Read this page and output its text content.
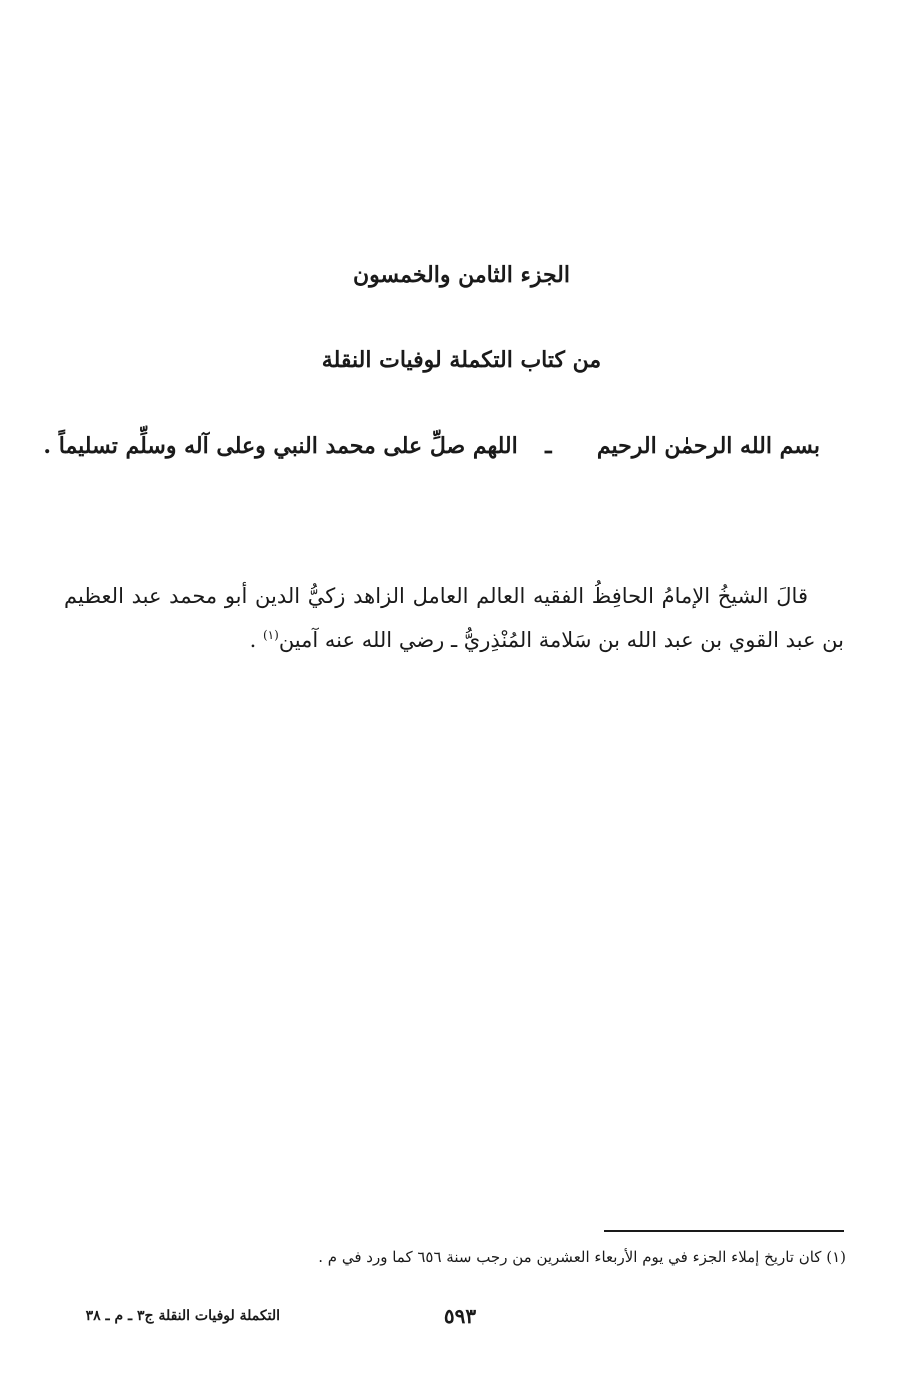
الجزء الثامن والخمسون
من كتاب التكملة لوفيات النقلة
بسم الله الرحمٰن الرحيم  ـ  اللهم صلِّ على محمد النبي وعلى آله وسلِّم تسليماً .
قالَ الشيخُ الإمامُ الحافِظُ الفقيه العالم العامل الزاهد زكيُّ الدين أبو محمد عبد العظيم بن عبد القوي بن عبد الله بن سَلامة المُنْذِريُّ ـ رضي الله عنه آمين$^{(١)}$ .
(١) كان تاريخ إملاء الجزء في يوم الأربعاء العشرين من رجب سنة ٦٥٦ كما ورد في م .
٥٩٣
التكملة لوفيات النقلة ج٣ ـ م ـ ٣٨
